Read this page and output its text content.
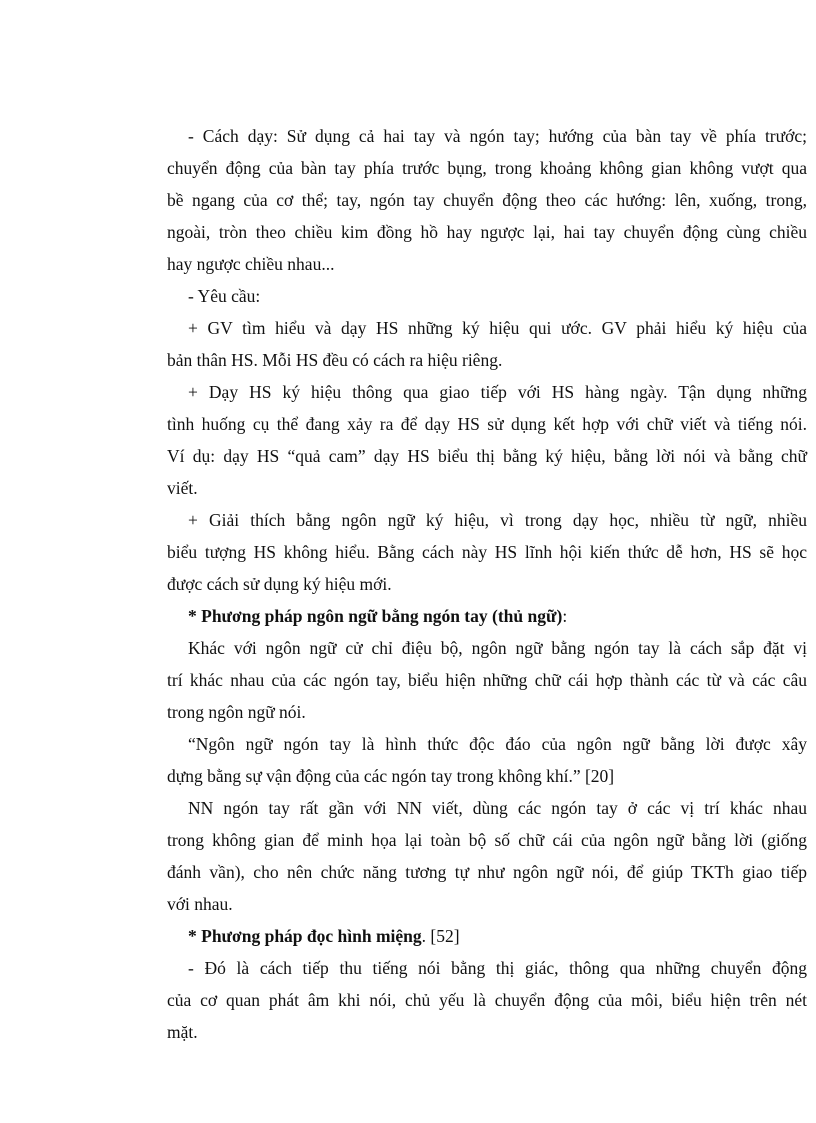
- Cách dạy: Sử dụng cả hai tay và ngón tay; hướng của bàn tay về phía trước;
chuyển động của bàn tay phía trước bụng, trong khoảng không gian không vượt qua
bề ngang của cơ thể; tay, ngón tay chuyển động theo các hướng: lên, xuống, trong,
ngoài, tròn theo chiều kim đồng hồ hay ngược lại, hai tay chuyển động cùng chiều
hay ngược chiều nhau...
- Yêu cầu:
+ GV tìm hiểu và dạy HS những ký hiệu qui ước. GV phải hiểu ký hiệu của
bản thân HS. Mỗi HS đều có cách ra hiệu riêng.
+ Dạy HS ký hiệu thông qua giao tiếp với HS hàng ngày. Tận dụng những
tình huống cụ thể đang xảy ra để dạy HS sử dụng kết hợp với chữ viết và tiếng nói.
Ví dụ: dạy HS “quả cam” dạy HS biểu thị bằng ký hiệu, bằng lời nói và bằng chữ
viết.
+ Giải thích bằng ngôn ngữ ký hiệu, vì trong dạy học, nhiều từ ngữ, nhiều
biểu tượng HS không hiểu. Bằng cách này HS lĩnh hội kiến thức dễ hơn, HS sẽ học
được cách sử dụng ký hiệu mới.
* Phương pháp ngôn ngữ bằng ngón tay (thủ ngữ):
Khác với ngôn ngữ cử chỉ điệu bộ, ngôn ngữ bằng ngón tay là cách sắp đặt vị
trí khác nhau của các ngón tay, biểu hiện những chữ cái hợp thành các từ và các câu
trong ngôn ngữ nói.
“Ngôn ngữ ngón tay là hình thức độc đáo của ngôn ngữ bằng lời được xây
dựng bằng sự vận động của các ngón tay trong không khí.” [20]
NN ngón tay rất gần với NN viết, dùng các ngón tay ở các vị trí khác nhau
trong không gian để minh họa lại toàn bộ số chữ cái của ngôn ngữ bằng lời (giống
đánh vần), cho nên chức năng tương tự như ngôn ngữ nói, để giúp TKTh giao tiếp
với nhau.
* Phương pháp đọc hình miệng. [52]
- Đó là cách tiếp thu tiếng nói bằng thị giác, thông qua những chuyển động
của cơ quan phát âm khi nói, chủ yếu là chuyển động của môi, biểu hiện trên nét
mặt.
